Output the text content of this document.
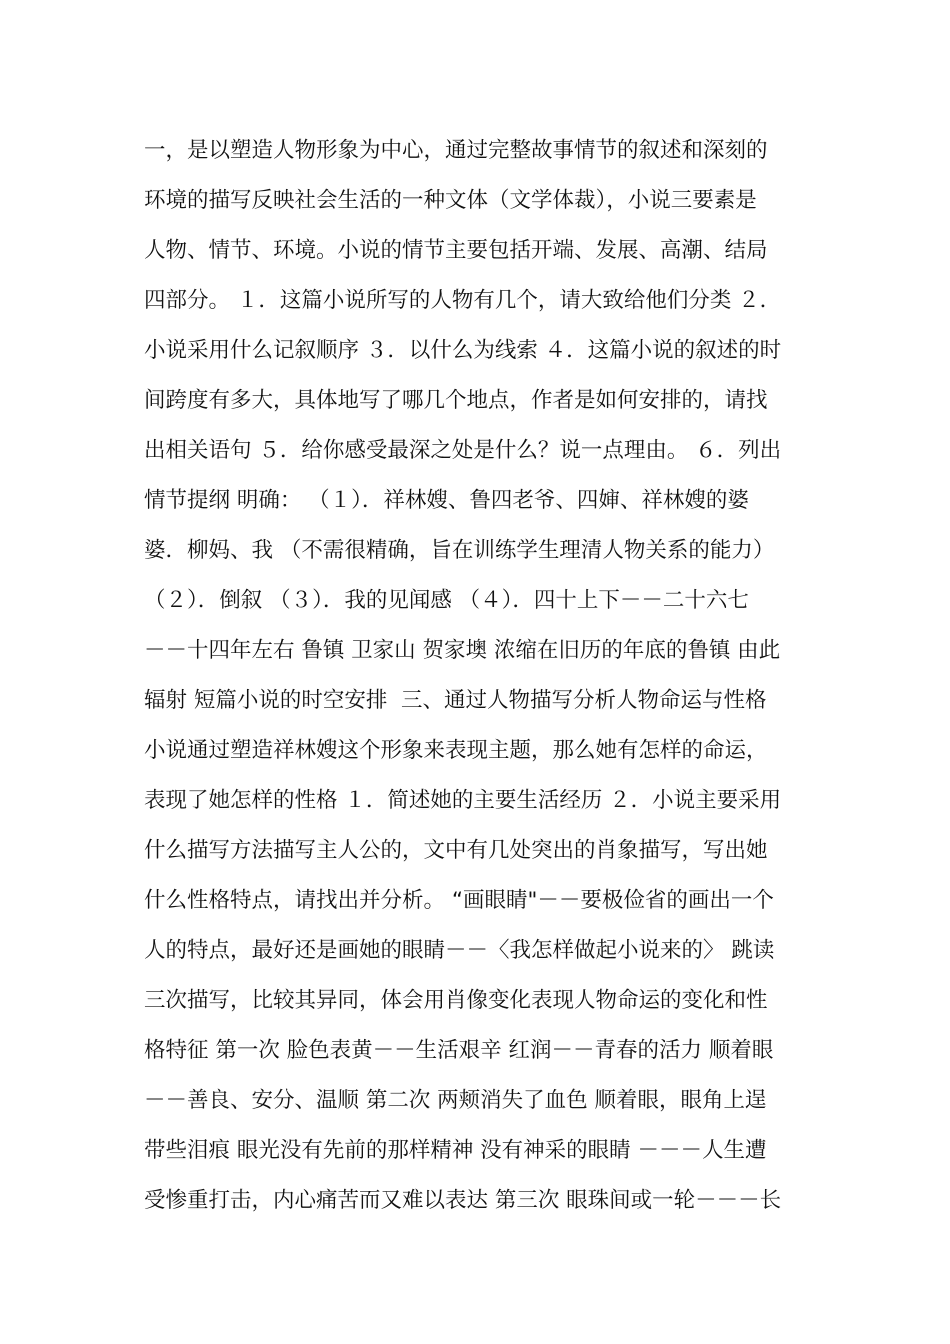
一，是以塑造人物形象为中心，通过完整故事情节的叙述和深刻的
环境的描写反映社会生活的一种文体（文学体裁），小说三要素是
人物、情节、环境。小说的情节主要包括开端、发展、高潮、结局
四部分。 １．这篇小说所写的人物有几个，请大致给他们分类 ２．
小说采用什么记叙顺序 ３．以什么为线索 ４．这篇小说的叙述的时
间跨度有多大，具体地写了哪几个地点，作者是如何安排的，请找
出相关语句 ５．给你感受最深之处是什么？说一点理由。 ６．列出
情节提纲 明确： （１）．祥林嫂、鲁四老爷、四婶、祥林嫂的婆
婆．柳妈、我 （不需很精确，旨在训练学生理清人物关系的能力）
（２）．倒叙 （３）．我的见闻感 （４）．四十上下－－二十六七
－－十四年左右 鲁镇 卫家山 贺家墺 浓缩在旧历的年底的鲁镇 由此
辐射 短篇小说的时空安排  三、通过人物描写分析人物命运与性格
小说通过塑造祥林嫂这个形象来表现主题，那么她有怎样的命运，
表现了她怎样的性格 １．简述她的主要生活经历 ２．小说主要采用
什么描写方法描写主人公的，文中有几处突出的肖象描写，写出她
什么性格特点，请找出并分析。 “画眼睛"－－要极俭省的画出一个
人的特点，最好还是画她的眼睛－－〈我怎样做起小说来的〉 跳读
三次描写，比较其异同，体会用肖像变化表现人物命运的变化和性
格特征 第一次 脸色表黄－－生活艰辛 红润－－青春的活力 顺着眼
－－善良、安分、温顺 第二次 两颊消失了血色 顺着眼，眼角上逞
带些泪痕 眼光没有先前的那样精神 没有神采的眼睛 －－－人生遭
受惨重打击，内心痛苦而又难以表达 第三次 眼珠间或一轮－－－长
